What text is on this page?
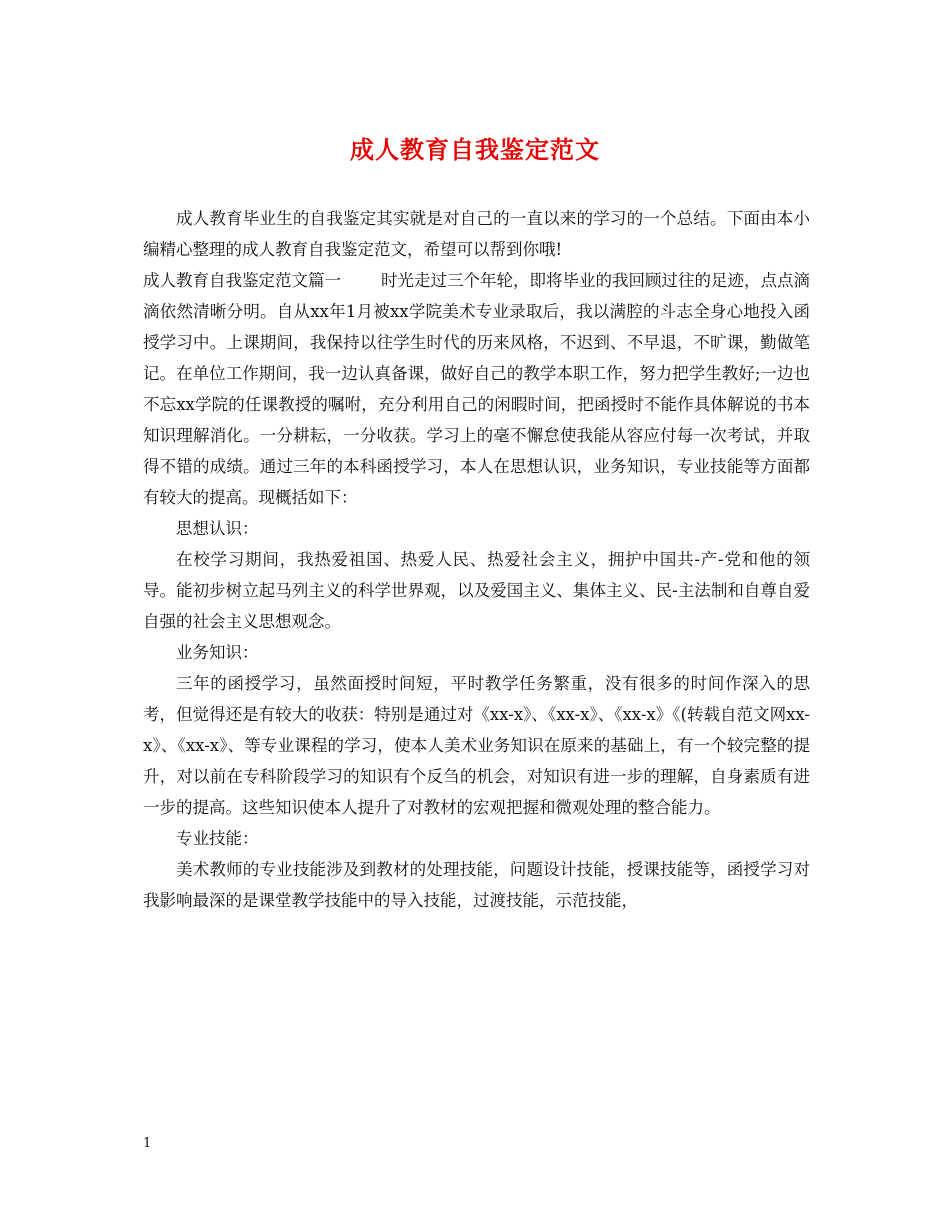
成人教育自我鉴定范文

成人教育毕业生的自我鉴定其实就是对自己的一直以来的学习的一个总结。下面由本小编精心整理的成人教育自我鉴定范文，希望可以帮到你哦!

成人教育自我鉴定范文篇一 时光走过三个年轮，即将毕业的我回顾过往的足迹，点点滴滴依然清晰分明。自从xx年1月被xx学院美术专业录取后，我以满腔的斗志全身心地投入函授学习中。上课期间，我保持以往学生时代的历来风格，不迟到、不早退，不旷课，勤做笔记。在单位工作期间，我一边认真备课，做好自己的教学本职工作，努力把学生教好;一边也不忘xx学院的任课教授的嘱咐，充分利用自己的闲暇时间，把函授时不能作具体解说的书本知识理解消化。一分耕耘，一分收获。学习上的毫不懈怠使我能从容应付每一次考试，并取得不错的成绩。通过三年的本科函授学习，本人在思想认识，业务知识，专业技能等方面都有较大的提高。现概括如下：

思想认识：

在校学习期间，我热爱祖国、热爱人民、热爱社会主义，拥护中国共-产-党和他的领导。能初步树立起马列主义的科学世界观，以及爱国主义、集体主义、民-主法制和自尊自爱自强的社会主义思想观念。

业务知识：

三年的函授学习，虽然面授时间短，平时教学任务繁重，没有很多的时间作深入的思考，但觉得还是有较大的收获：特别是通过对《xx-x》、《xx-x》、《xx-x》《(转载自范文网xx-x》、《xx-x》、等专业课程的学习，使本人美术业务知识在原来的基础上，有一个较完整的提升，对以前在专科阶段学习的知识有个反刍的机会，对知识有进一步的理解，自身素质有进一步的提高。这些知识使本人提升了对教材的宏观把握和微观处理的整合能力。

专业技能：

美术教师的专业技能涉及到教材的处理技能，问题设计技能，授课技能等，函授学习对我影响最深的是课堂教学技能中的导入技能，过渡技能，示范技能，

1
